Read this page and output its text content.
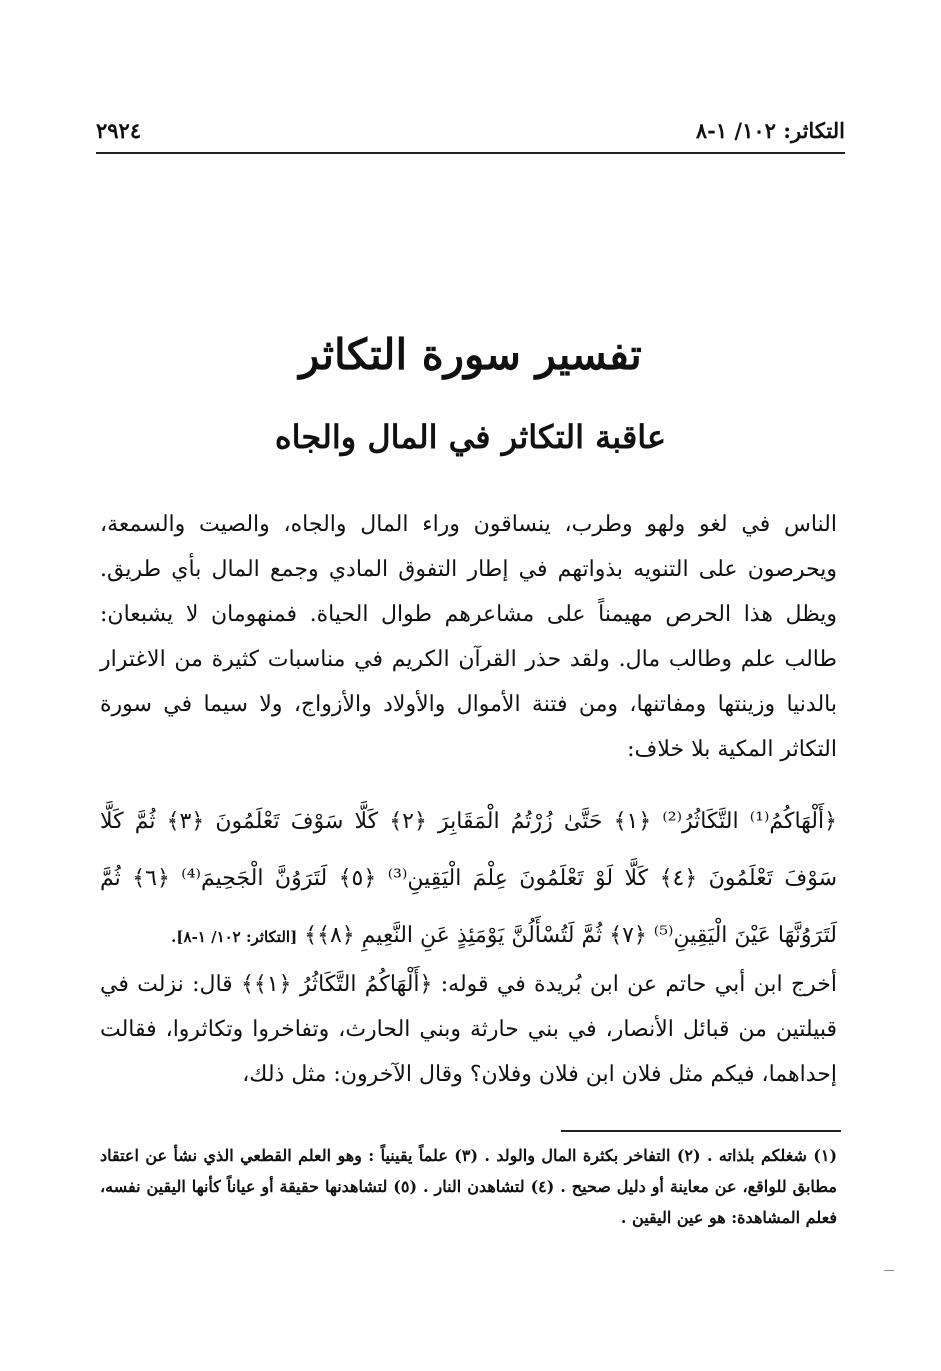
التكاثر: ١٠٢/ ١-٨
٢٩٢٤
تفسير سورة التكاثر
عاقبة التكاثر في المال والجاه
الناس في لغو ولهو وطرب، ينساقون وراء المال والجاه، والصيت والسمعة، ويحرصون على التنويه بذواتهم في إطار التفوق المادي وجمع المال بأي طريق. ويظل هذا الحرص مهيمناً على مشاعرهم طوال الحياة. فمنهومان لا يشبعان: طالب علم وطالب مال. ولقد حذر القرآن الكريم في مناسبات كثيرة من الاغترار بالدنيا وزينتها ومفاتنها، ومن فتنة الأموال والأولاد والأزواج، ولا سيما في سورة التكاثر المكية بلا خلاف:
﴿أَلْهَاكُمُ⁽¹⁾ التَّكَاثُرُ⁽²⁾ ﴿١﴾ حَتَّىٰ زُرْتُمُ الْمَقَابِرَ ﴿٢﴾ كَلَّا سَوْفَ تَعْلَمُونَ ﴿٣﴾ ثُمَّ كَلَّا سَوْفَ تَعْلَمُونَ ﴿٤﴾ كَلَّا لَوْ تَعْلَمُونَ عِلْمَ الْيَقِينِ⁽³⁾ ﴿٥﴾ لَتَرَوُنَّ الْجَحِيمَ⁽⁴⁾ ﴿٦﴾ ثُمَّ لَتَرَوُنَّهَا عَيْنَ الْيَقِينِ⁽⁵⁾ ﴿٧﴾ ثُمَّ لَتُسْأَلُنَّ يَوْمَئِذٍ عَنِ النَّعِيمِ ﴿٨﴾﴾ [التكاثر: ١٠٢/ ١-٨].
أخرج ابن أبي حاتم عن ابن بُريدة في قوله: ﴿أَلْهَاكُمُ التَّكَاثُرُ ﴿١﴾﴾ قال: نزلت في قبيلتين من قبائل الأنصار، في بني حارثة وبني الحارث، وتفاخروا وتكاثروا، فقالت إحداهما، فيكم مثل فلان ابن فلان وفلان؟ وقال الآخرون: مثل ذلك،
(١) شغلكم بلذاته . (٢) التفاخر بكثرة المال والولد . (٣) علماً يقينياً : وهو العلم القطعي الذي نشأ عن اعتقاد مطابق للواقع، عن معاينة أو دليل صحيح . (٤) لتشاهدن النار . (٥) لتشاهدنها حقيقة أو عياناً كأنها اليقين نفسه، فعلم المشاهدة: هو عين اليقين .
